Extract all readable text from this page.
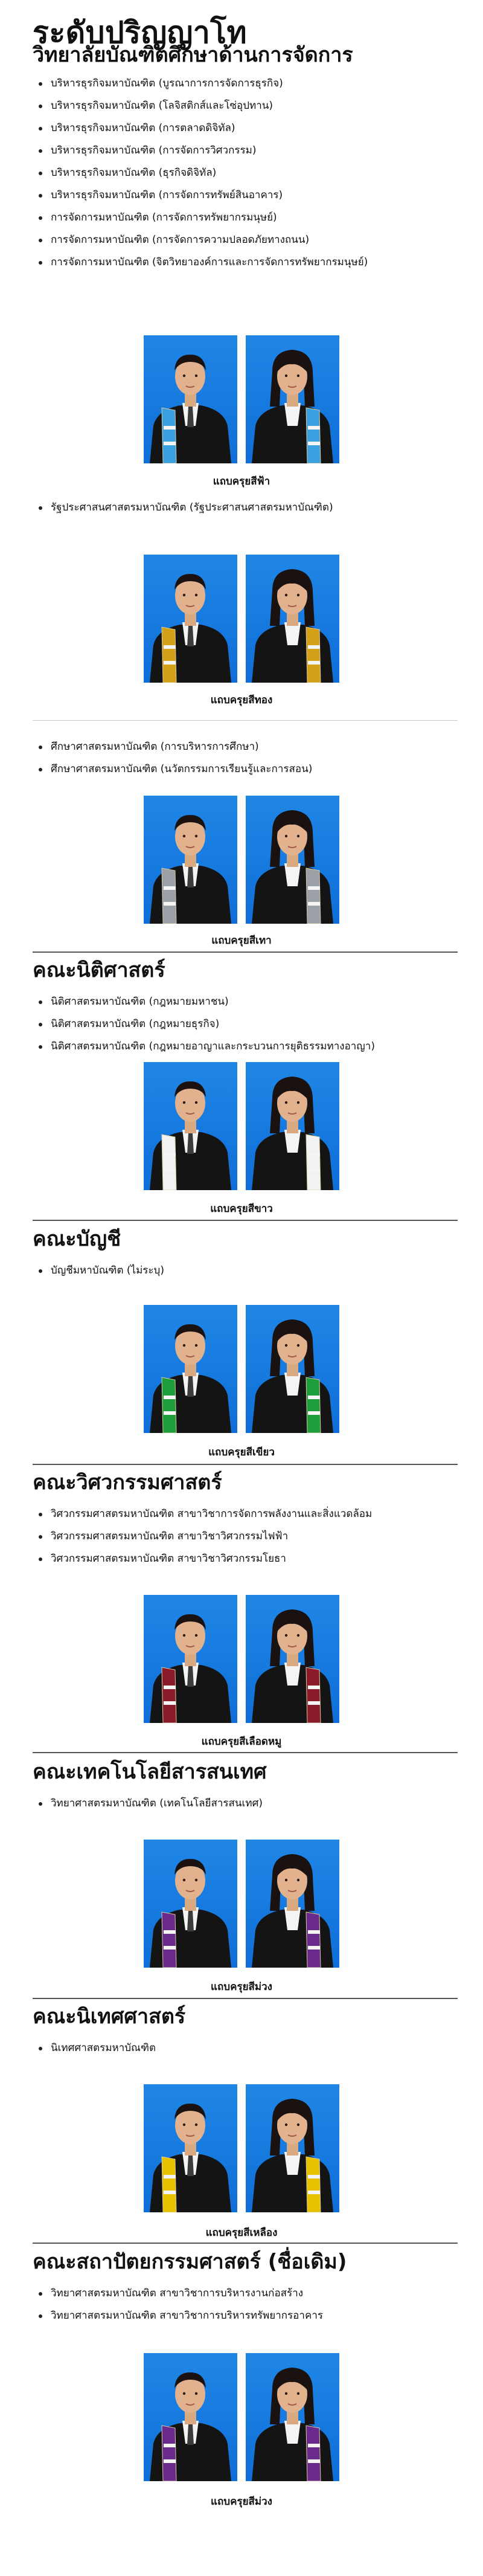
ระดับปริญญาโท
วิทยาลัยบัณฑิตศึกษาด้านการจัดการ
บริหารธุรกิจมหาบัณฑิต (บูรณาการการจัดการธุรกิจ)
บริหารธุรกิจมหาบัณฑิต (โลจิสติกส์และโซ่อุปทาน)
บริหารธุรกิจมหาบัณฑิต (การตลาดดิจิทัล)
บริหารธุรกิจมหาบัณฑิต (การจัดการวิศวกรรม)
บริหารธุรกิจมหาบัณฑิต (ธุรกิจดิจิทัล)
บริหารธุรกิจมหาบัณฑิต (การจัดการทรัพย์สินอาคาร)
การจัดการมหาบัณฑิต (การจัดการทรัพยากรมนุษย์)
การจัดการมหาบัณฑิต (การจัดการความปลอดภัยทางถนน)
การจัดการมหาบัณฑิต (จิตวิทยาองค์การและการจัดการทรัพยากรมนุษย์)
แถบครุยสีฟ้า
รัฐประศาสนศาสตรมหาบัณฑิต (รัฐประศาสนศาสตรมหาบัณฑิต)
แถบครุยสีทอง
ศึกษาศาสตรมหาบัณฑิต (การบริหารการศึกษา)
ศึกษาศาสตรมหาบัณฑิต (นวัตกรรมการเรียนรู้และการสอน)
แถบครุยสีเทา
คณะนิติศาสตร์
นิติศาสตรมหาบัณฑิต (กฎหมายมหาชน)
นิติศาสตรมหาบัณฑิต (กฎหมายธุรกิจ)
นิติศาสตรมหาบัณฑิต (กฎหมายอาญาและกระบวนการยุติธรรมทางอาญา)
แถบครุยสีขาว
คณะบัญชี
บัญชีมหาบัณฑิต (ไม่ระบุ)
แถบครุยสีเขียว
คณะวิศวกรรมศาสตร์
วิศวกรรมศาสตรมหาบัณฑิต สาขาวิชาการจัดการพลังงานและสิ่งแวดล้อม
วิศวกรรมศาสตรมหาบัณฑิต สาขาวิชาวิศวกรรมไฟฟ้า
วิศวกรรมศาสตรมหาบัณฑิต สาขาวิชาวิศวกรรมโยธา
แถบครุยสีเลือดหมู
คณะเทคโนโลยีสารสนเทศ
วิทยาศาสตรมหาบัณฑิต (เทคโนโลยีสารสนเทศ)
แถบครุยสีม่วง
คณะนิเทศศาสตร์
นิเทศศาสตรมหาบัณฑิต
แถบครุยสีเหลือง
คณะสถาปัตยกรรมศาสตร์ (ชื่อเดิม)
วิทยาศาสตรมหาบัณฑิต สาขาวิชาการบริหารงานก่อสร้าง
วิทยาศาสตรมหาบัณฑิต สาขาวิชาการบริหารทรัพยากรอาคาร
แถบครุยสีม่วง
